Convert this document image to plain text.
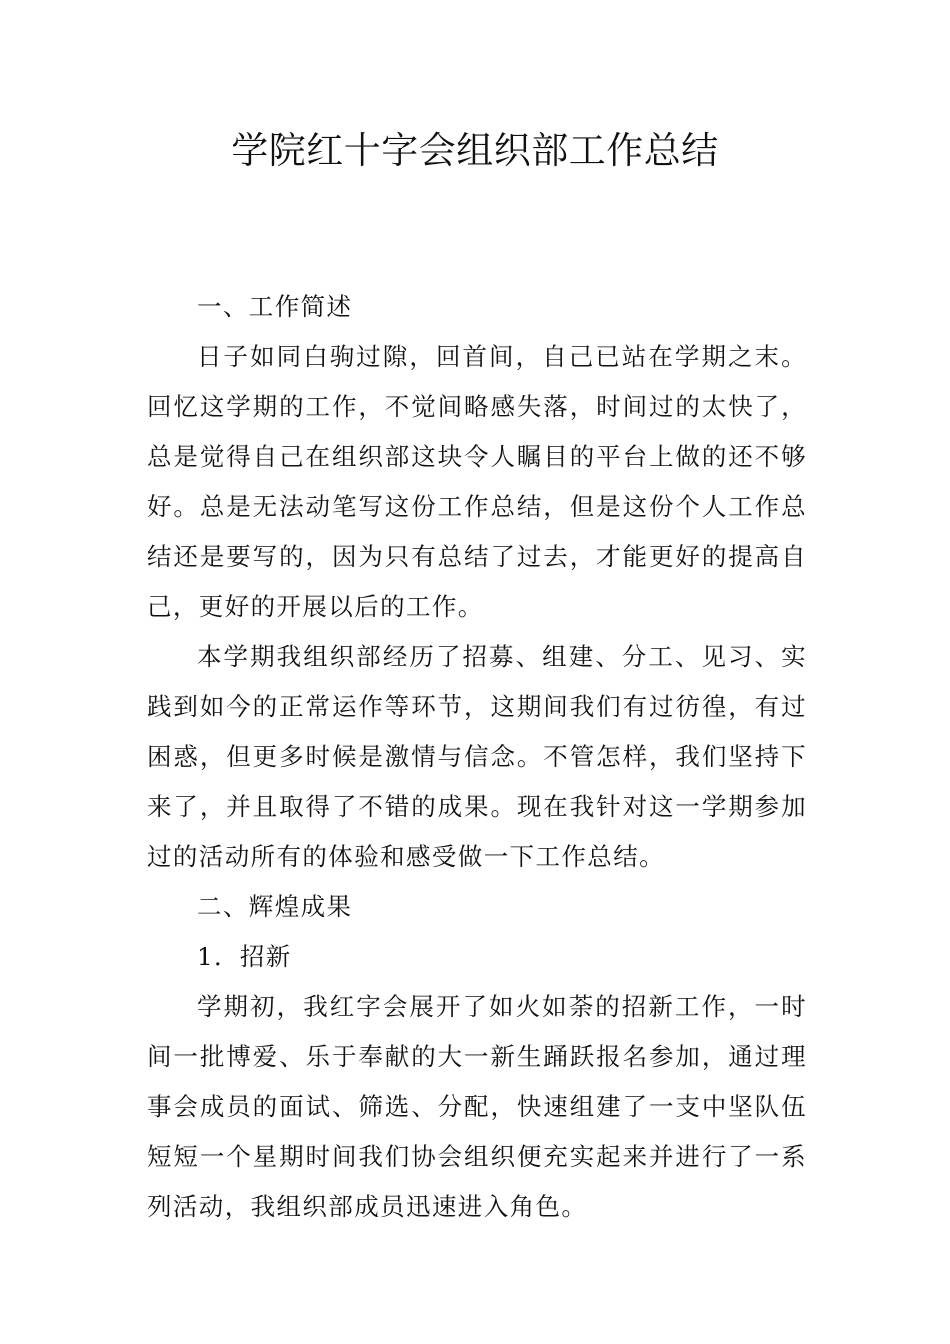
学院红十字会组织部工作总结

一、工作简述

日子如同白驹过隙，回首间，自己已站在学期之末。回忆这学期的工作，不觉间略感失落，时间过的太快了，总是觉得自己在组织部这块令人瞩目的平台上做的还不够好。总是无法动笔写这份工作总结，但是这份个人工作总结还是要写的，因为只有总结了过去，才能更好的提高自己，更好的开展以后的工作。

本学期我组织部经历了招募、组建、分工、见习、实践到如今的正常运作等环节，这期间我们有过彷徨，有过困惑，但更多时候是激情与信念。不管怎样，我们坚持下来了，并且取得了不错的成果。现在我针对这一学期参加过的活动所有的体验和感受做一下工作总结。

二、辉煌成果

1．招新

学期初，我红字会展开了如火如荼的招新工作，一时间一批博爱、乐于奉献的大一新生踊跃报名参加，通过理事会成员的面试、筛选、分配，快速组建了一支中坚队伍短短一个星期时间我们协会组织便充实起来并进行了一系列活动，我组织部成员迅速进入角色。
